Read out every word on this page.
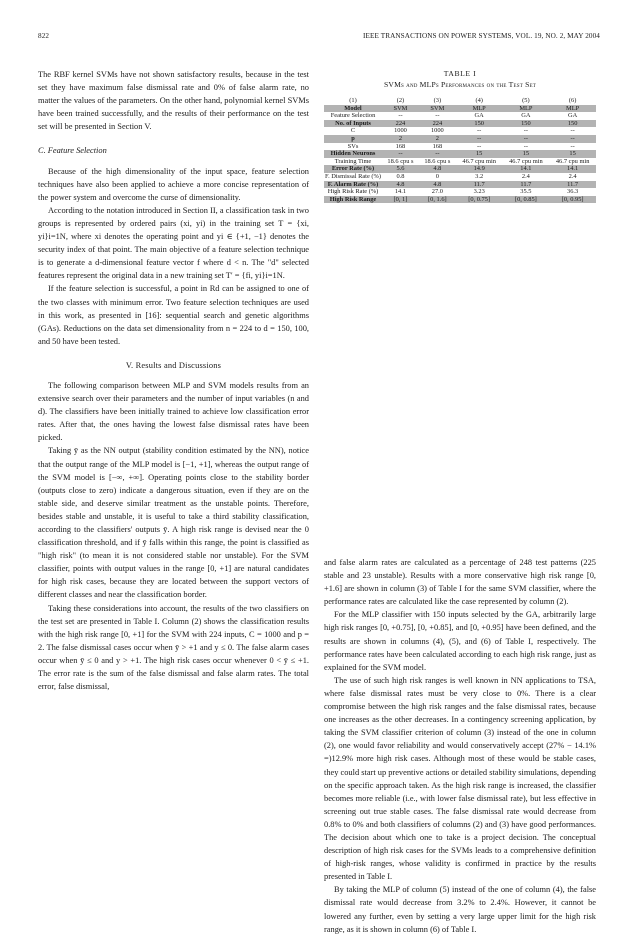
822	IEEE TRANSACTIONS ON POWER SYSTEMS, VOL. 19, NO. 2, MAY 2004

The RBF kernel SVMs have not shown satisfactory results, because in the test set they have maximum false dismissal rate and 0% of false alarm rate, no matter the values of the parameters. On the other hand, polynomial kernel SVMs have been trained successfully, and the results of their performance on the test set will be presented in Section V.

C. Feature Selection

Because of the high dimensionality of the input space, feature selection techniques have also been applied to achieve a more concise representation of the power system and overcome the curse of dimensionality.

According to the notation introduced in Section II, a classification task in two groups is represented by ordered pairs (xi, yi) in the training set T = {xi, yi}i=1N, where xi denotes the operating point and yi ∈ {+1, −1} denotes the security index of that point. The main objective of a feature selection technique is to generate a d-dimensional feature vector f where d < n. The "d" selected features represent the original data in a new training set T′ = {fi, yi}i=1N.

If the feature selection is successful, a point in Rd can be assigned to one of the two classes with minimum error. Two feature selection techniques are used in this work, as presented in [16]: sequential search and genetic algorithms (GAs). Reductions on the data set dimensionality from n = 224 to d = 150, 100, and 50 have been tested.

V. Results and Discussions

The following comparison between MLP and SVM models results from an extensive search over their parameters and the number of input variables (n and d). The classifiers have been initially trained to achieve low classification error rates. After that, the ones having the lowest false dismissal rates have been picked.

Taking ȳ as the NN output (stability condition estimated by the NN), notice that the output range of the MLP model is [−1, +1], whereas the output range of the SVM model is [−∞, +∞]. Operating points close to the stability border (outputs close to zero) indicate a dangerous situation, even if they are on the stable side, and deserve similar treatment as the unstable points. Therefore, besides stable and unstable, it is useful to take a third stability classification, according to the classifiers' outputs ȳ. A high risk range is devised near the 0 classification threshold, and if ȳ falls within this range, the point is classified as "high risk" (to mean it is not considered stable nor unstable). For the SVM classifier, points with output values in the range [0, +1] are natural candidates for high risk cases, because they are located between the support vectors of different classes and near the classification border.

Taking these considerations into account, the results of the two classifiers on the test set are presented in Table I. Column (2) shows the classification results with the high risk range [0, +1] for the SVM with 224 inputs, C = 1000 and p = 2. The false dismissal cases occur when ȳ > +1 and y ≤ 0. The false alarm cases occur when ȳ ≤ 0 and y > +1. The high risk cases occur whenever 0 < ȳ ≤ +1. The error rate is the sum of the false dismissal and false alarm rates. The total error, false dismissal,

TABLE I
SVMs and MLPs Performances on the Test Set
(1)	(2)	(3)	(4)	(5)	(6)
Model	SVM	SVM	MLP	MLP	MLP
Feature Selection	--	--	GA	GA	GA
No. of Inputs	224	224	150	150	150
C	1000	1000	--	--	--
p	2	2	--	--	--
SVs	168	168	--	--	--
Hidden Neurons	--	--	15	15	15
Training Time	18.6 cpu s	18.6 cpu s	46.7 cpu min	46.7 cpu min	46.7 cpu min
Error Rate (%)	5.6	4.8	14.9	14.1	14.1
F. Dismissal Rate (%)	0.8	0	3.2	2.4	2.4
F. Alarm Rate (%)	4.8	4.8	11.7	11.7	11.7
High Risk Rate (%)	14.1	27.0	3.23	35.5	36.3
High Risk Range	[0, 1]	[0, 1.6]	[0, 0.75]	[0, 0.85]	[0, 0.95]

and false alarm rates are calculated as a percentage of 248 test patterns (225 stable and 23 unstable). Results with a more conservative high risk range [0, +1.6] are shown in column (3) of Table I for the same SVM classifier, where the performance rates are calculated like the case represented by column (2).

For the MLP classifier with 150 inputs selected by the GA, arbitrarily large high risk ranges [0, +0.75], [0, +0.85], and [0, +0.95] have been defined, and the results are shown in columns (4), (5), and (6) of Table I, respectively. The performance rates have been calculated according to each high risk range, just as explained for the SVM model.

The use of such high risk ranges is well known in NN applications to TSA, where false dismissal rates must be very close to 0%. There is a clear compromise between the high risk ranges and the false dismissal rates, because one increases as the other decreases. In a contingency screening application, by taking the SVM classifier criterion of column (3) instead of the one in column (2), one would favor reliability and would conservatively accept (27% − 14.1% =)12.9% more high risk cases. Although most of these would be stable cases, they could start up preventive actions or detailed stability simulations, depending on the specific approach taken. As the high risk range is increased, the classifier becomes more reliable (i.e., with lower false dismissal rate), but less effective in screening out true stable cases. The false dismissal rate would decrease from 0.8% to 0% and both classifiers of columns (2) and (3) have good performances. The decision about which one to take is a project decision. The conceptual description of high risk cases for the SVMs leads to a comprehensive definition of high-risk ranges, whose validity is confirmed in practice by the results presented in Table I.

By taking the MLP of column (5) instead of the one of column (4), the false dismissal rate would decrease from 3.2% to 2.4%. However, it cannot be lowered any further, even by setting a very large upper limit for the high risk range, as it is shown in column (6) of Table I.
